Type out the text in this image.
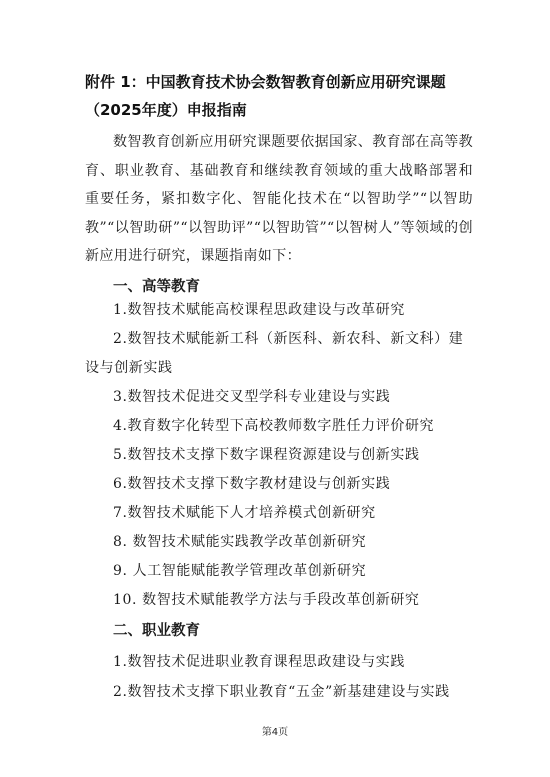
附件 1：中国教育技术协会数智教育创新应用研究课题（2025年度）申报指南

数智教育创新应用研究课题要依据国家、教育部在高等教育、职业教育、基础教育和继续教育领域的重大战略部署和重要任务，紧扣数字化、智能化技术在“以智助学”“以智助教”“以智助研”“以智助评”“以智助管”“以智树人”等领域的创新应用进行研究，课题指南如下：

一、高等教育

1.数智技术赋能高校课程思政建设与改革研究

2.数智技术赋能新工科（新医科、新农科、新文科）建设与创新实践

3.数智技术促进交叉型学科专业建设与实践

4.教育数字化转型下高校教师数字胜任力评价研究

5.数智技术支撑下数字课程资源建设与创新实践

6.数智技术支撑下数字教材建设与创新实践

7.数智技术赋能下人才培养模式创新研究

8. 数智技术赋能实践教学改革创新研究

9. 人工智能赋能教学管理改革创新研究

10. 数智技术赋能教学方法与手段改革创新研究

二、职业教育

1.数智技术促进职业教育课程思政建设与实践

2.数智技术支撑下职业教育“五金”新基建建设与实践

第4页
